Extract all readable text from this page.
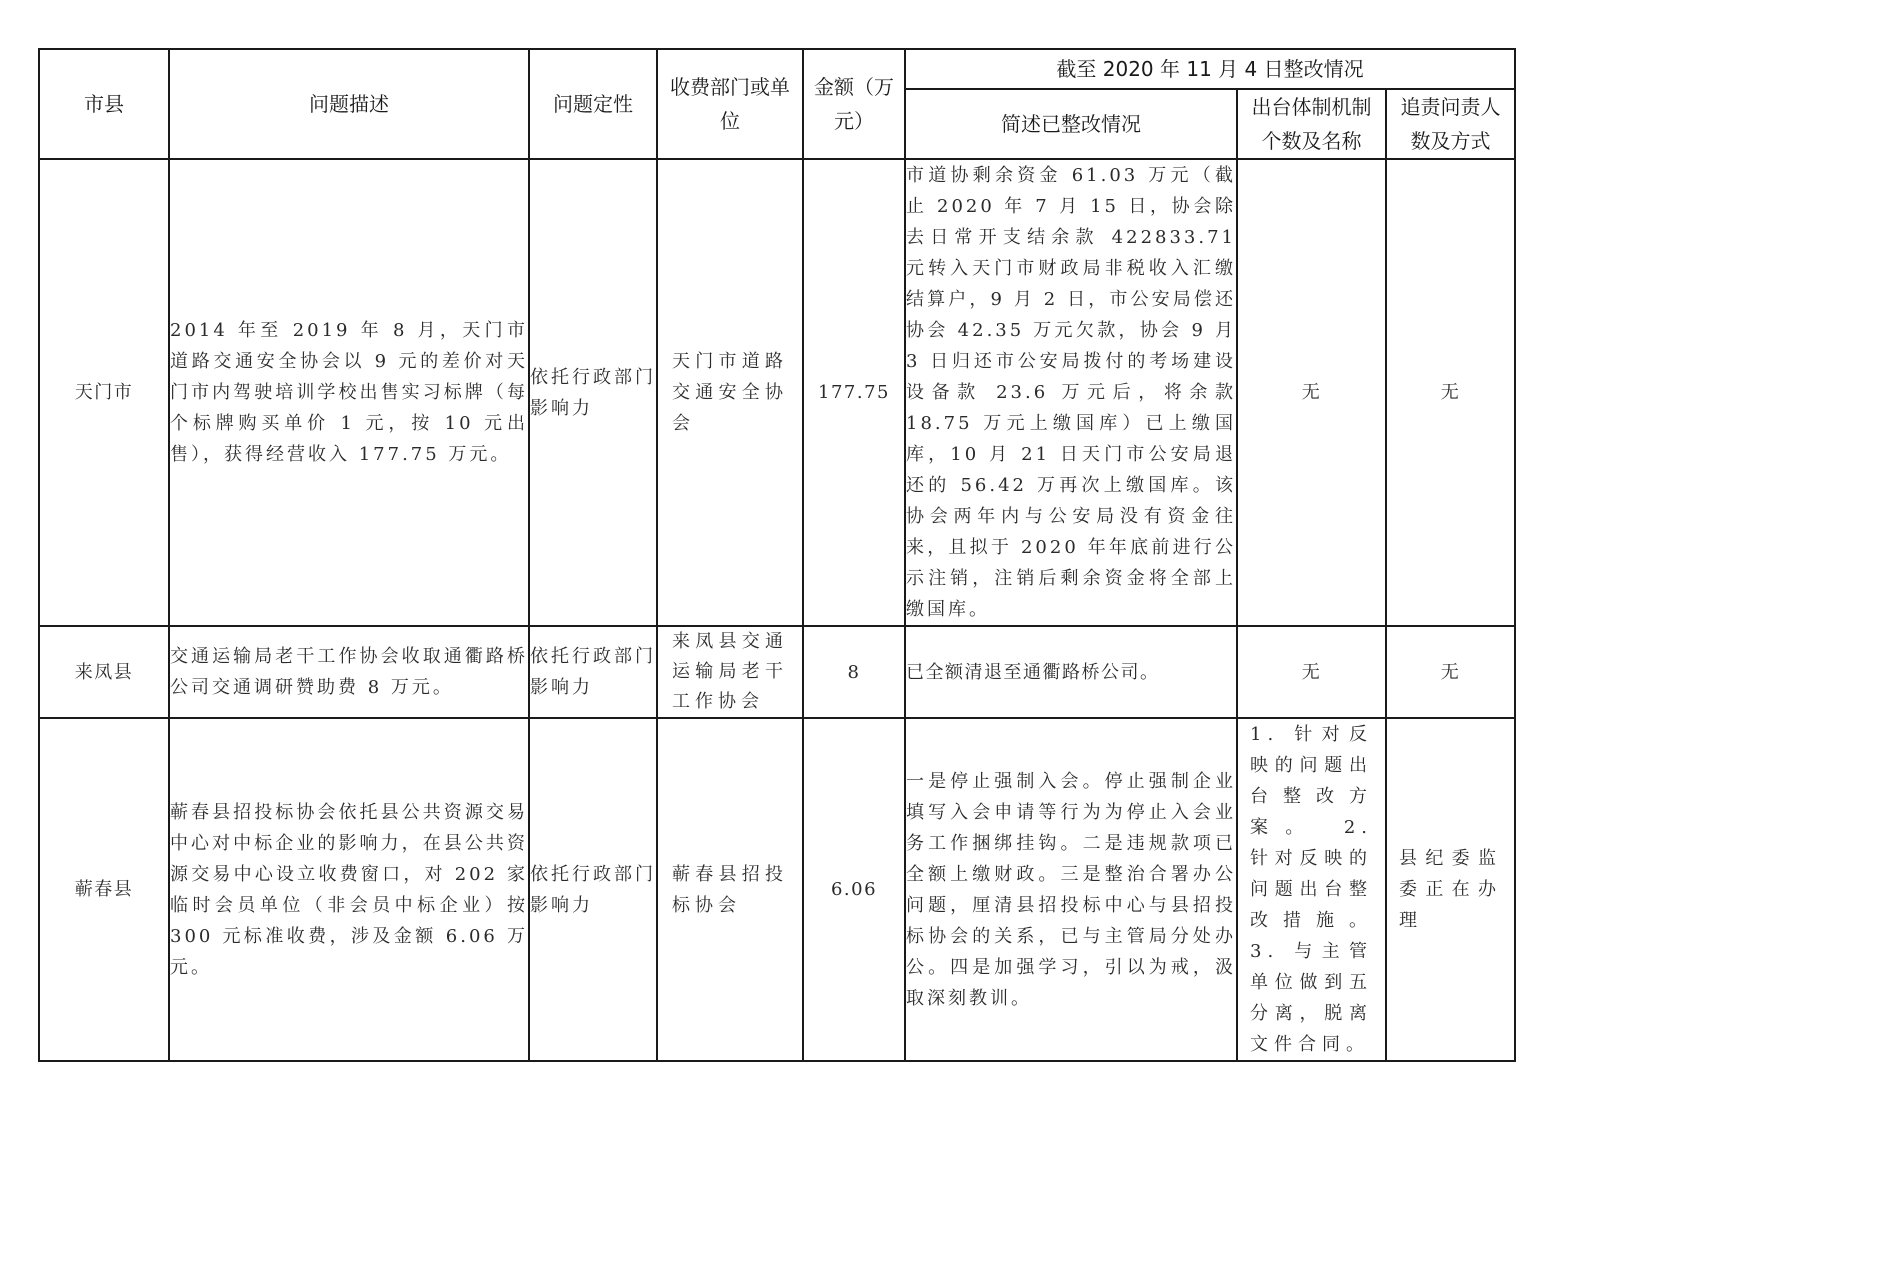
市县	问题描述	问题定性	收费部门或单位	金额（万元）	截至 2020 年 11 月 4 日整改情况		
					简述已整改情况	出台体制机制个数及名称	追责问责人数及方式
天门市	2014 年至 2019 年 8 月，天门市道路交通安全协会以 9 元的差价对天门市内驾驶培训学校出售实习标牌（每个标牌购买单价 1 元，按 10 元出售），获得经营收入 177.75 万元。	依托行政部门影响力	天门市道路交通安全协会	177.75	市道协剩余资金 61.03 万元（截止 2020 年 7 月 15 日，协会除去日常开支结余款 422833.71 元转入天门市财政局非税收入汇缴结算户，9 月 2 日，市公安局偿还协会 42.35 万元欠款，协会 9 月 3 日归还市公安局拨付的考场建设设备款 23.6 万元后，将余款 18.75 万元上缴国库）已上缴国库，10 月 21 日天门市公安局退还的 56.42 万再次上缴国库。该协会两年内与公安局没有资金往来，且拟于 2020 年年底前进行公示注销，注销后剩余资金将全部上缴国库。	无	无
来凤县	交通运输局老干工作协会收取通衢路桥公司交通调研赞助费 8 万元。	依托行政部门影响力	来凤县交通运输局老干工作协会	8	已全额清退至通衢路桥公司。	无	无
蕲春县	蕲春县招投标协会依托县公共资源交易中心对中标企业的影响力，在县公共资源交易中心设立收费窗口，对 202 家临时会员单位（非会员中标企业）按 300 元标准收费，涉及金额 6.06 万元。	依托行政部门影响力	蕲春县招投标协会	6.06	一是停止强制入会。停止强制企业填写入会申请等行为为停止入会业务工作捆绑挂钩。二是违规款项已全额上缴财政。三是整治合署办公问题，厘清县招投标中心与县招投标协会的关系，已与主管局分处办公。四是加强学习，引以为戒，汲取深刻教训。	1. 针对反映的问题出台整改方案。 2. 针对反映的问题出台整改措施。 3. 与主管单位做到五分离，脱离文件合同。	县纪委监委正在办理
